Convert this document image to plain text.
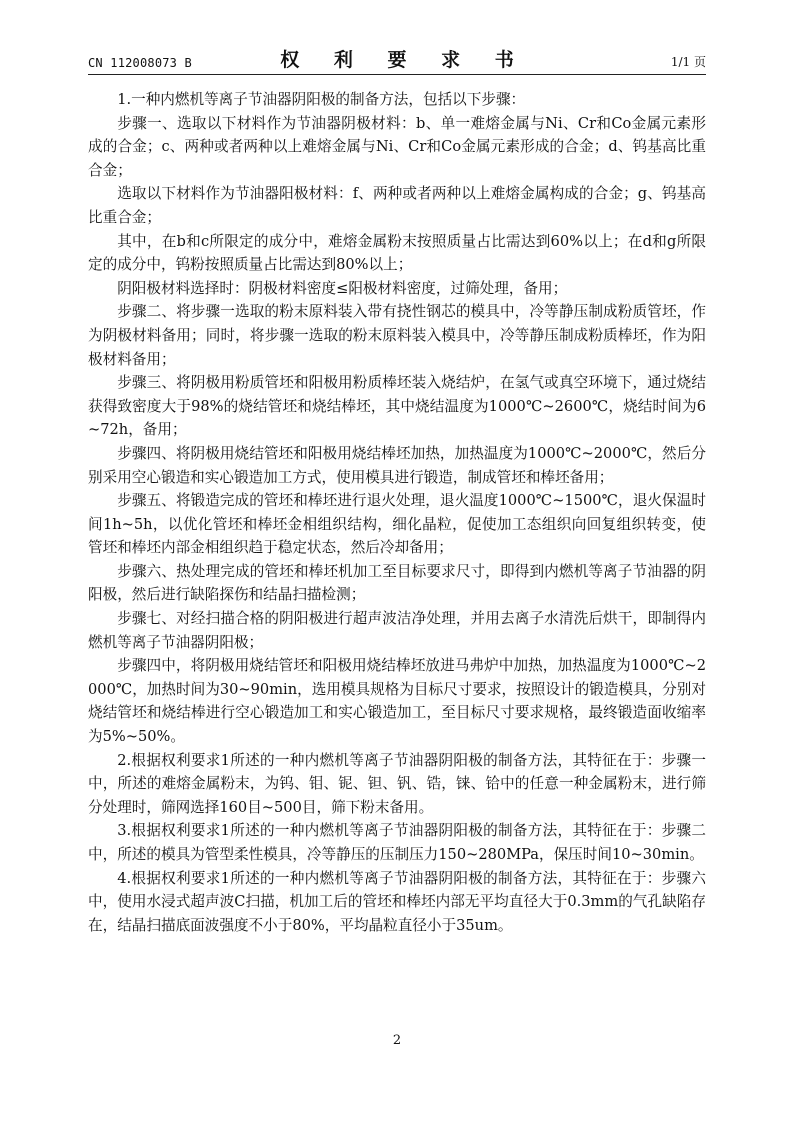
CN 112008073 B	权 利 要 求 书	1/1 页

1.一种内燃机等离子节油器阴阳极的制备方法，包括以下步骤：

步骤一、选取以下材料作为节油器阴极材料：b、单一难熔金属与Ni、Cr和Co金属元素形成的合金；c、两种或者两种以上难熔金属与Ni、Cr和Co金属元素形成的合金；d、钨基高比重合金；

选取以下材料作为节油器阳极材料：f、两种或者两种以上难熔金属构成的合金；g、钨基高比重合金；

其中，在b和c所限定的成分中，难熔金属粉末按照质量占比需达到60%以上；在d和g所限定的成分中，钨粉按照质量占比需达到80%以上；

阴阳极材料选择时：阴极材料密度≤阳极材料密度，过筛处理，备用；

步骤二、将步骤一选取的粉末原料装入带有挠性钢芯的模具中，冷等静压制成粉质管坯，作为阴极材料备用；同时，将步骤一选取的粉末原料装入模具中，冷等静压制成粉质棒坯，作为阳极材料备用；

步骤三、将阴极用粉质管坯和阳极用粉质棒坯装入烧结炉，在氢气或真空环境下，通过烧结获得致密度大于98%的烧结管坯和烧结棒坯，其中烧结温度为1000℃~2600℃，烧结时间为6~72h，备用；

步骤四、将阴极用烧结管坯和阳极用烧结棒坯加热，加热温度为1000℃~2000℃，然后分别采用空心锻造和实心锻造加工方式，使用模具进行锻造，制成管坯和棒坯备用；

步骤五、将锻造完成的管坯和棒坯进行退火处理，退火温度1000℃~1500℃，退火保温时间1h~5h，以优化管坯和棒坯金相组织结构，细化晶粒，促使加工态组织向回复组织转变，使管坯和棒坯内部金相组织趋于稳定状态，然后冷却备用；

步骤六、热处理完成的管坯和棒坯机加工至目标要求尺寸，即得到内燃机等离子节油器的阴阳极，然后进行缺陷探伤和结晶扫描检测；

步骤七、对经扫描合格的阴阳极进行超声波洁净处理，并用去离子水清洗后烘干，即制得内燃机等离子节油器阴阳极；

步骤四中，将阴极用烧结管坯和阳极用烧结棒坯放进马弗炉中加热，加热温度为1000℃~2000℃，加热时间为30~90min，选用模具规格为目标尺寸要求，按照设计的锻造模具，分别对烧结管坯和烧结棒进行空心锻造加工和实心锻造加工，至目标尺寸要求规格，最终锻造面收缩率为5%~50%。

2.根据权利要求1所述的一种内燃机等离子节油器阴阳极的制备方法，其特征在于：步骤一中，所述的难熔金属粉末，为钨、钼、铌、钽、钒、锆，铼、铪中的任意一种金属粉末，进行筛分处理时，筛网选择160目~500目，筛下粉末备用。

3.根据权利要求1所述的一种内燃机等离子节油器阴阳极的制备方法，其特征在于：步骤二中，所述的模具为管型柔性模具，冷等静压的压制压力150~280MPa，保压时间10~30min。

4.根据权利要求1所述的一种内燃机等离子节油器阴阳极的制备方法，其特征在于：步骤六中，使用水浸式超声波C扫描，机加工后的管坯和棒坯内部无平均直径大于0.3mm的气孔缺陷存在，结晶扫描底面波强度不小于80%，平均晶粒直径小于35um。

2
